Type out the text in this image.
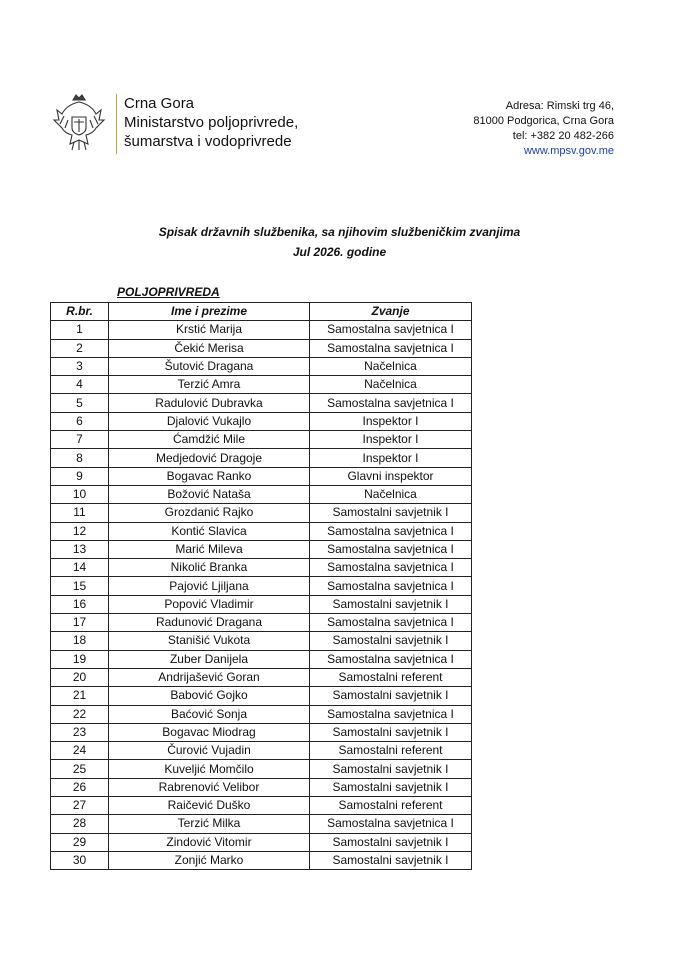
Crna Gora
Ministarstvo poljoprivrede,
šumarstva i vodoprivrede
Adresa: Rimski trg 46,
81000 Podgorica, Crna Gora
tel: +382 20 482-266
www.mpsv.gov.me
Spisak državnih službenika, sa njihovim službeničkim zvanjima
Jul 2026. godine
POLJOPRIVREDA
R.br.	Ime i prezime	Zvanje
1	Krstić Marija	Samostalna savjetnica I
2	Čekić Merisa	Samostalna savjetnica I
3	Šutović Dragana	Načelnica
4	Terzić Amra	Načelnica
5	Radulović Dubravka	Samostalna savjetnica I
6	Djalović Vukajlo	Inspektor I
7	Ćamdžić Mile	Inspektor I
8	Medjedović Dragoje	Inspektor I
9	Bogavac Ranko	Glavni inspektor
10	Božović Nataša	Načelnica
11	Grozdanić Rajko	Samostalni savjetnik I
12	Kontić Slavica	Samostalna savjetnica I
13	Marić Mileva	Samostalna savjetnica I
14	Nikolić Branka	Samostalna savjetnica I
15	Pajović Ljiljana	Samostalna savjetnica I
16	Popović Vladimir	Samostalni savjetnik I
17	Radunović Dragana	Samostalna savjetnica I
18	Stanišić Vukota	Samostalni savjetnik I
19	Zuber Danijela	Samostalna savjetnica I
20	Andrijašević Goran	Samostalni referent
21	Babović Gojko	Samostalni savjetnik I
22	Baćović Sonja	Samostalna savjetnica I
23	Bogavac Miodrag	Samostalni savjetnik I
24	Čurović Vujadin	Samostalni referent
25	Kuveljić Momčilo	Samostalni savjetnik I
26	Rabrenović Velibor	Samostalni savjetnik I
27	Raičević Duško	Samostalni referent
28	Terzić Milka	Samostalna savjetnica I
29	Zindović Vitomir	Samostalni savjetnik I
30	Zonjić Marko	Samostalni savjetnik I
